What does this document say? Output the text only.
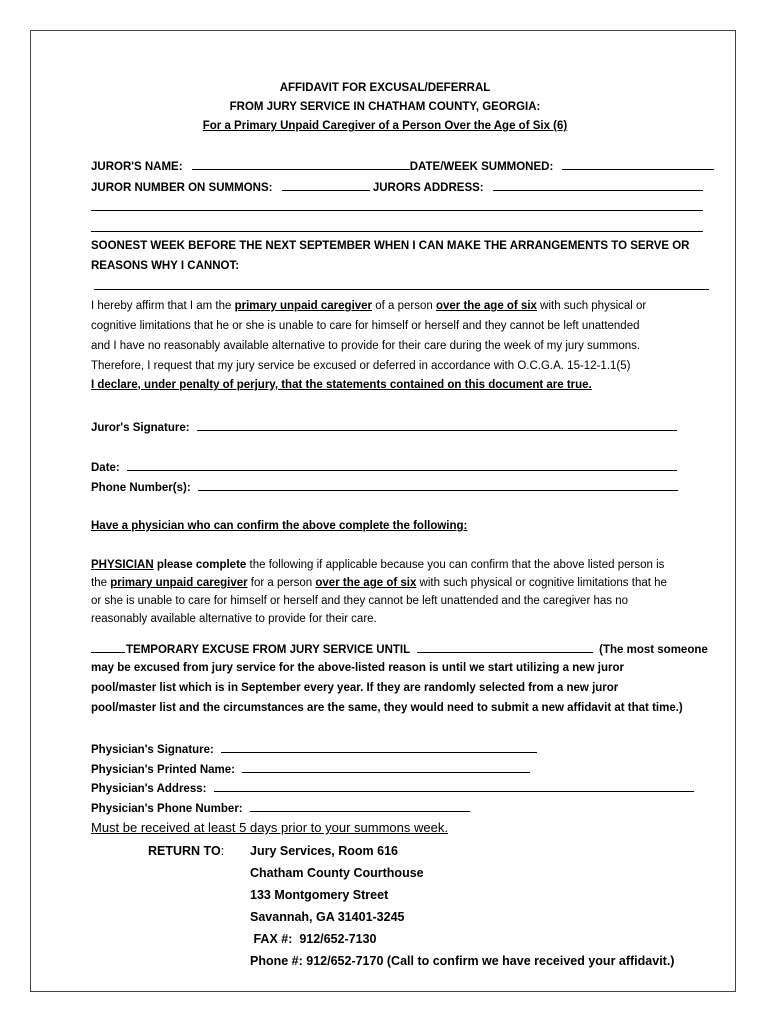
AFFIDAVIT FOR EXCUSAL/DEFERRAL
FROM JURY SERVICE IN CHATHAM COUNTY, GEORGIA:
For a Primary Unpaid Caregiver of a Person Over the Age of Six (6)
JUROR'S NAME:	DATE/WEEK SUMMONED:
JUROR NUMBER ON SUMMONS:	JURORS ADDRESS:
SOONEST WEEK BEFORE THE NEXT SEPTEMBER WHEN I CAN MAKE THE ARRANGEMENTS TO SERVE OR
REASONS WHY I CANNOT:
I hereby affirm that I am the primary unpaid caregiver of a person over the age of six with such physical or
cognitive limitations that he or she is unable to care for himself or herself and they cannot be left unattended
and I have no reasonably available alternative to provide for their care during the week of my jury summons.
Therefore, I request that my jury service be excused or deferred in accordance with O.C.G.A. 15-12-1.1(5)
I declare, under penalty of perjury, that the statements contained on this document are true.
Juror's Signature:
Date:
Phone Number(s):
Have a physician who can confirm the above complete the following:
PHYSICIAN please complete the following if applicable because you can confirm that the above listed person is
the primary unpaid caregiver for a person over the age of six with such physical or cognitive limitations that he
or she is unable to care for himself or herself and they cannot be left unattended and the caregiver has no
reasonably available alternative to provide for their care.
TEMPORARY EXCUSE FROM JURY SERVICE UNTIL	(The most someone
may be excused from jury service for the above-listed reason is until we start utilizing a new juror
pool/master list which is in September every year. If they are randomly selected from a new juror
pool/master list and the circumstances are the same, they would need to submit a new affidavit at that time.)
Physician's Signature:
Physician's Printed Name:
Physician's Address:
Physician's Phone Number:
Must be received at least 5 days prior to your summons week.
RETURN TO: Jury Services, Room 616
Chatham County Courthouse
133 Montgomery Street
Savannah, GA 31401-3245
FAX #:  912/652-7130
Phone #: 912/652-7170 (Call to confirm we have received your affidavit.)
